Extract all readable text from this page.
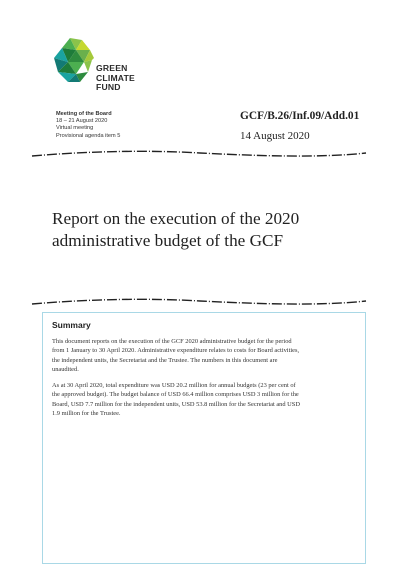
GREEN
CLIMATE
FUND
Meeting of the Board
18 – 21 August 2020
Virtual meeting
Provisional agenda item 5
GCF/B.26/Inf.09/Add.01
14 August 2020
Report on the execution of the 2020
administrative budget of the GCF
Summary
This document reports on the execution of the GCF 2020 administrative budget for the period
from 1 January to 30 April 2020. Administrative expenditure relates to costs for Board activities,
the independent units, the Secretariat and the Trustee. The numbers in this document are
unaudited.
As at 30 April 2020, total expenditure was USD 20.2 million for annual budgets (23 per cent of
the approved budget). The budget balance of USD 66.4 million comprises USD 3 million for the
Board, USD 7.7 million for the independent units, USD 53.8 million for the Secretariat and USD
1.9 million for the Trustee.
